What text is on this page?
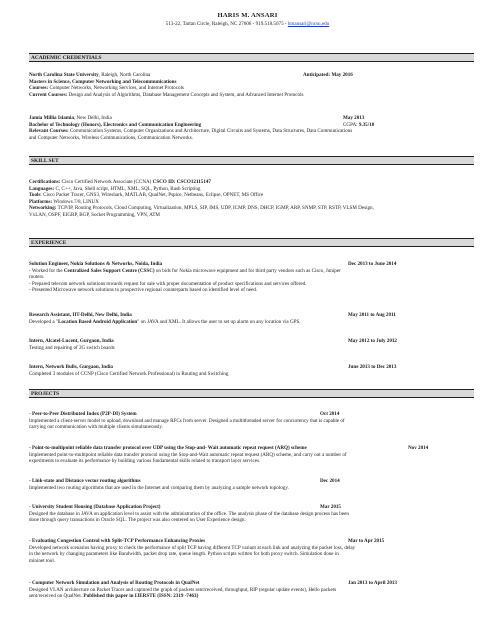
HARIS M. ANSARI
513-22, Tartan Circle, Raleigh, NC 27606 - 919.518.5075 - hmansari@ncsu.edu
ACADEMIC CREDENTIALS
North Carolina State University, Raleigh, North Carolina	Anticipated: May 2016
Masters in Science, Computer Networking and Telecommunications
Courses: Computer Networks, Networking Services, and Internet Protocols
Current Courses: Design and Analysis of Algorithms, Database Management Concepts and System, and Advanced Internet Protocols
Jamia Millia Islamia, New Delhi, India	May 2013
Bachelor of Technology (Honors), Electronics and Communication Engineering	CGPA: 9.35/10
Relevant Courses: Communication Systems, Computer Organizations and Architecture, Digital Circuits and Systems, Data Structures, Data Communications
and Computer Networks, Wireless Communications, Communication Networks.
SKILL SET
Certifications: Cisco Certified Network Associate (CCNA) CSCO ID: CSCO12115147
Languages: C, C++, Java, Shell script, HTML, XML, SQL, Python, Bash Scripting
Tools: Cisco Packet Tracer, GNS3, Wireshark, MATLAB, QualNet, Pspice, Netbeans, Eclipse, OPNET, MS Office
Platforms: Windows 7/8, LINUX
Networking: TCP/IP, Routing Protocols, Cloud Computing, Virtualization, MPLS, SIP, IMS, UDP, ICMP, DNS, DHCP, IGMP, ARP, SNMP, STP, RSTP, VLSM Design,
VxLAN, OSPF, EIGRP, BGP, Socket Programming, VPN, ATM
EXPERIENCE
Solution Engineer, Nokia Solutions & Networks, Noida, India	Dec 2013 to June 2014
- Worked for the Centralized Sales Support Centre (CSSC) on bids for Nokia microwave equipment and for third party vendors such as Cisco, Juniper
routers.
- Prepared telecom network solutions towards request for sale with proper documentation of product specifications and services offered.
- Presented Microwave network solutions to prospective regional counterparts based on identified level of need.
Research Assistant, IIT-Delhi, New Delhi, India	May 2011 to Aug 2011
Developed a "Location Based Android Application" on JAVA and XML. It allows the user to set up alarm on any location via GPS.
Intern, Alcatel-Lucent, Gurgaon, India	May 2012 to July 2012
Testing and repairing of 2G switch boards
Intern, Network Bulls, Gurgaon, India	June 2013 to Dec 2013
Completed 3 modules of CCNP (Cisco Certified Network Professional) in Routing and Switching
PROJECTS
- Peer-to-Peer Distributed Index (P2P-DI) System	Oct 2014
Implemented a client-server model to upload, download and manage RFCs from server. Designed a multithreaded server for concurrency that is capable of
carrying out communication with multiple clients simultaneously.
- Point-to-multipoint reliable data transfer protocol over UDP using the Stop-and- Wait automatic repeat request (ARQ) scheme	Nov 2014
Implemented point-to-multipoint reliable data transfer protocol using the Stop-and-Wait automatic repeat request (ARQ) scheme, and carry out a number of
experiments to evaluate its performance by building various fundamental skills related to transport layer services.
- Link-state and Distance vector routing algorithms	Dec 2014
Implemented two routing algorithms that are used in the Internet and comparing them by analyzing a sample network topology.
- University Student Housing (Database Application Project)	Mar 2015
Designed the database in JAVA on application level to assist with the administration of the office. The analysis phase of the database design process has been
done through query transactions in Oracle SQL. The project was also centered on User Experience design.
- Evaluating Congestion Control with Split-TCP Performance Enhancing Proxies	Mar to Apr 2015
Developed network scenarios having proxy to check the performance of split TCP having different TCP variant at each link and analyzing the packet loss, delay
in the network by changing parameters like Bandwidth, packet drop rate, queue length. Python scripts written for both proxy switch. Simulation done in
mininet tool.
- Computer Network Simulation and Analysis of Routing Protocols in QualNet	Jan 2013 to April 2013
Designed VLAN architecture on Packet Tracer and captured the graph of packets sent/received, throughput, RIP (regular update events), Hello packets
sent/received on QualNet. Published this paper in IJERSTE (ISSN: 2319 -7463)
